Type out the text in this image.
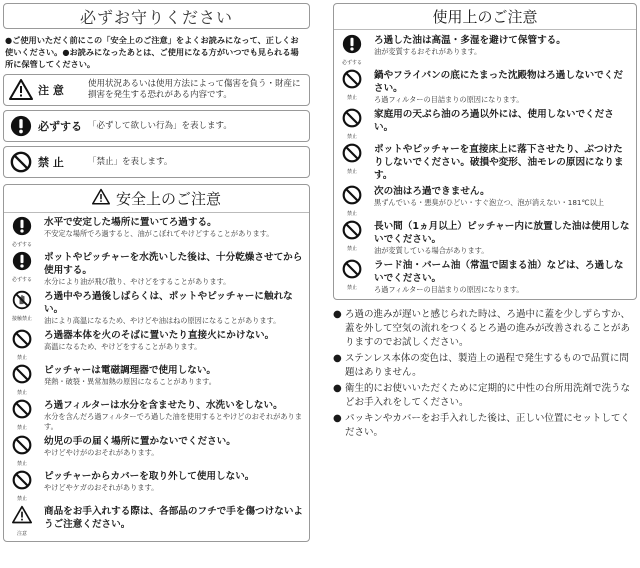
必ずお守りください
●ご使用いただく前にこの「安全上のご注意」をよくお読みになって、正しくお使いください。●お読みになったあとは、ご使用になる方がいつでも見られる場所に保管してください。
注 意	使用状況あるいは使用方法によって傷害を負う・財産に損害を発生する恐れがある内容です。
必ずする 「必ずして欲しい行為」を表します。
禁 止	「禁止」を表します。
安全上のご注意
必ずする
水平で安定した場所に置いてろ過する。
不安定な場所でろ過すると、油がこぼれてやけどすることがあります。
必ずする
ポットやピッチャーを水洗いした後は、十分乾燥させてから使用する。
水分により油が飛び散り、やけどをすることがあります。
接触禁止
ろ過中やろ過後しばらくは、ポットやピッチャーに触れない。
油により高温になるため、やけどや油はねの原因になることがあります。
禁止
ろ過器本体を火のそばに置いたり直接火にかけない。
高温になるため、やけどをすることがあります。
禁止
ピッチャーは電磁調理器で使用しない。
発熱・破裂・異常加熱の原因になることがあります。
禁止
ろ過フィルターは水分を含ませたり、水洗いをしない。
水分を含んだろ過フィルターでろ過した油を使用するとやけどのおそれがあります。
禁止
幼児の手の届く場所に置かないでください。
やけどやけがのおそれがあります。
禁止
ピッチャーからカバーを取り外して使用しない。
やけどやケガのおそれがあります。
注意
商品をお手入れする際は、各部品のフチで手を傷つけないようご注意ください。
使用上のご注意
必ずする
ろ過した油は高温・多湿を避けて保管する。
油が変質するおそれがあります。
禁止
鍋やフライパンの底にたまった沈殿物はろ過しないでください。
ろ過フィルターの目詰まりの原因になります。
禁止
家庭用の天ぷら油のろ過以外には、使用しないでください。
禁止
ポットやピッチャーを直接床上に落下させたり、ぶつけたりしないでください。破損や変形、油モレの原因になります。
禁止
次の油はろ過できません。
黒ずんでいる・悪臭がひどい・すぐ泡立つ、泡が消えない・181℃以上
禁止
長い間（1ヵ月以上）ピッチャー内に放置した油は使用しないでください。
油が変質している場合があります。
禁止
ラード油・パーム油（常温で固まる油）などは、ろ過しないでください。
ろ過フィルターの目詰まりの原因になります。
● ろ過の進みが遅いと感じられた時は、ろ過中に蓋を少しずらすか、蓋を外して空気の流れをつくるとろ過の進みが改善されることがありますのでお試しください。
● ステンレス本体の変色は、製造上の過程で発生するもので品質に問題はありません。
● 衛生的にお使いいただくために定期的に中性の台所用洗剤で洗うなどお手入れをしてください。
● パッキンやカバーをお手入れした後は、正しい位置にセットしてください。
